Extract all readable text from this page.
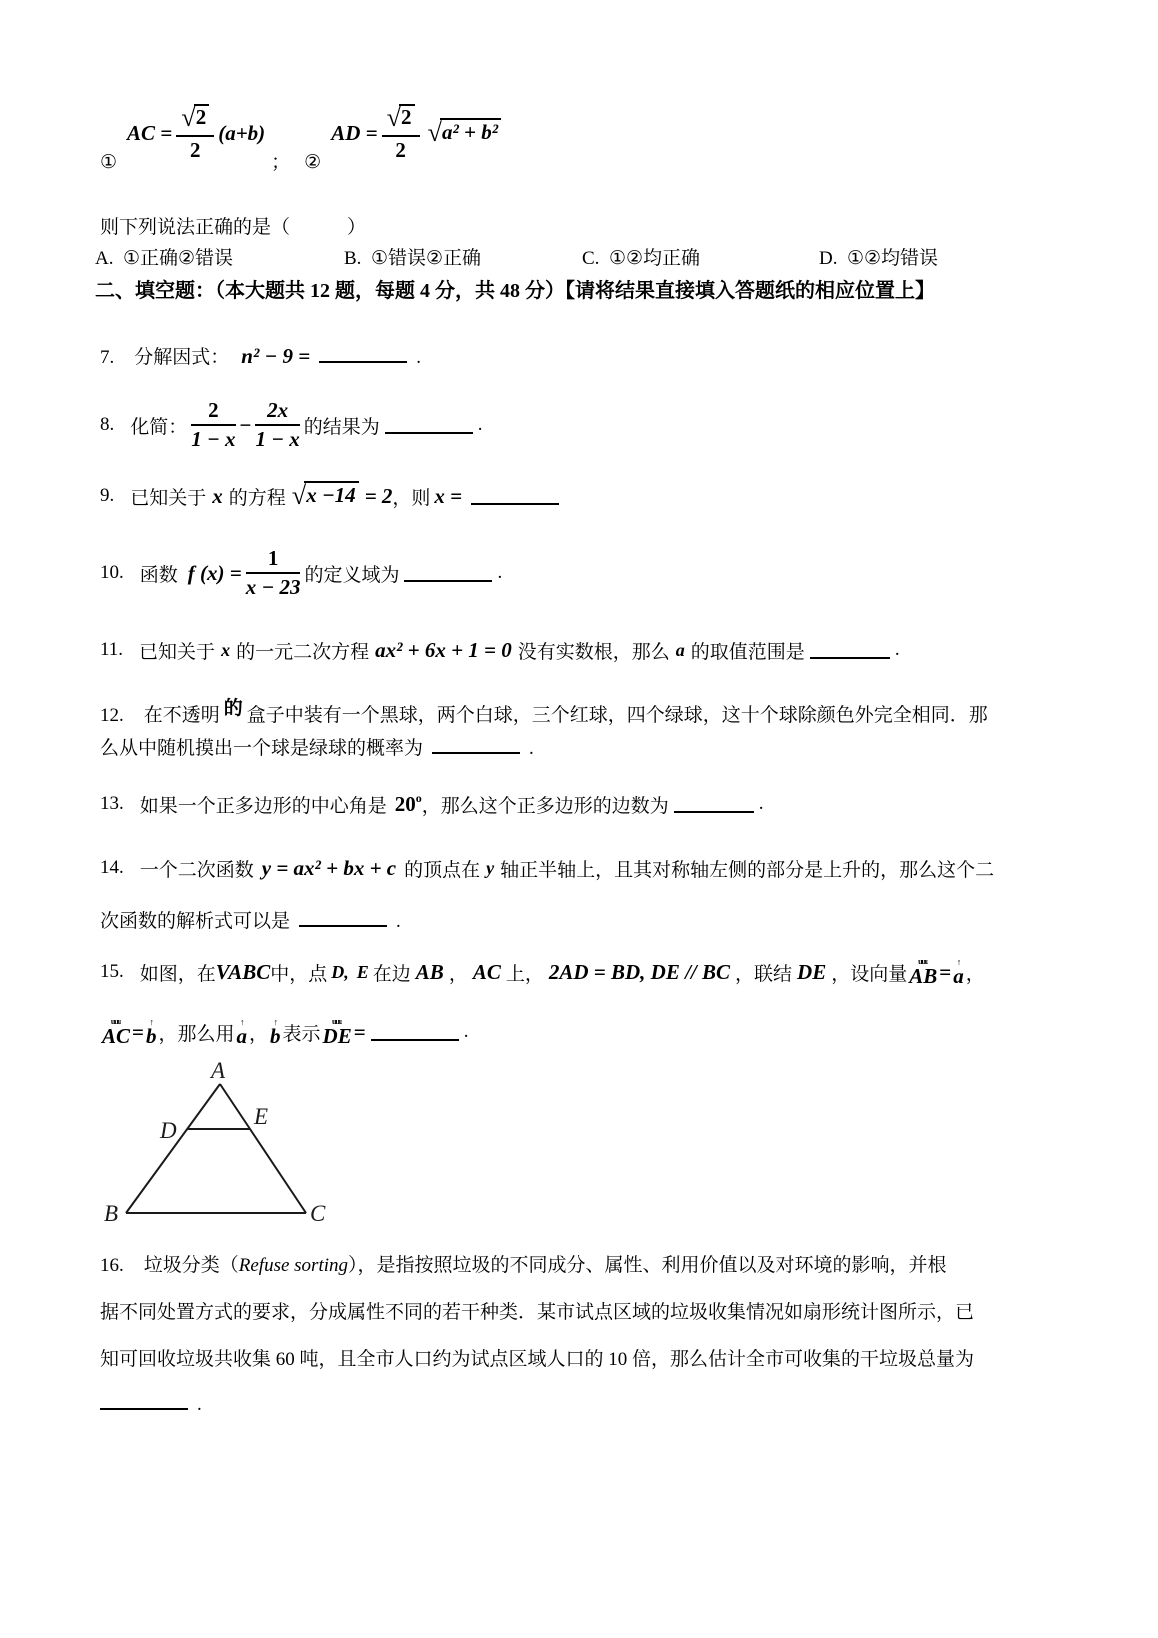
①
AC = √ $\frac{2}{2} (a+b)$
； ②
AD = √ $\frac{2}{2}$	√ a² + b²
则下列说法正确的是（　　　）
A. ①正确②错误	B. ①错误②正确	C. ①②均正确	D. ①②均错误
二、填空题：（本大题共 12 题，每题 4 分，共 48 分）【请将结果直接填入答题纸的相应位置上】
7. 分解因式： n² − 9 =	.
8. 化简： $\frac{2}{1 - x} - \frac{2x}{1 - x}$ 的结果为	.
9. 已知关于 x 的方程 √ x −14 = 2 ，则 x =
10. 函数 f $(x) = \frac{1}{x - 23}$ 的定义域为	.
11. 已知关于 x 的一元二次方程 ax² + 6x + 1 = 0 没有实数根，那么 a 的取值范围是	.
12. 在不透明 的 盒子中装有一个黑球，两个白球，三个红球，四个绿球，这十个球除颜色外完全相同．那
么从中随机摸出一个球是绿球的概率为	.
13. 如果一个正多边形的中心角是 20$^o$ ，那么这个正多边形的边数为	.
14. 一个二次函数 y = ax² + bx + c 的顶点在 y 轴正半轴上，且其对称轴左侧的部分是上升的，那么这个二
次函数的解析式可以是	.
15. 如图， 在 VABC 中，点 D, E 在边 AB ， AC 上， 2AD = BD, DE // BC ，联结 DE ，设向量
uuu AB =
↑ a ，
uuu
AC =
↑ b ，那么用
↑ a ，
↑ b 表示
uuu DE =	.
A
B	C
D
E
16. 垃圾分类（Refuse sorting），是指按照垃圾的不同成分、属性、利用价值以及对环境的影响，并根
据不同处置方式的要求，分成属性不同的若干种类．某市试点区域的垃圾收集情况如扇形统计图所示，已
知可回收垃圾共收集 60 吨，且全市人口约为试点区域人口的 10 倍，那么估计全市可收集的干垃圾总量为
.
